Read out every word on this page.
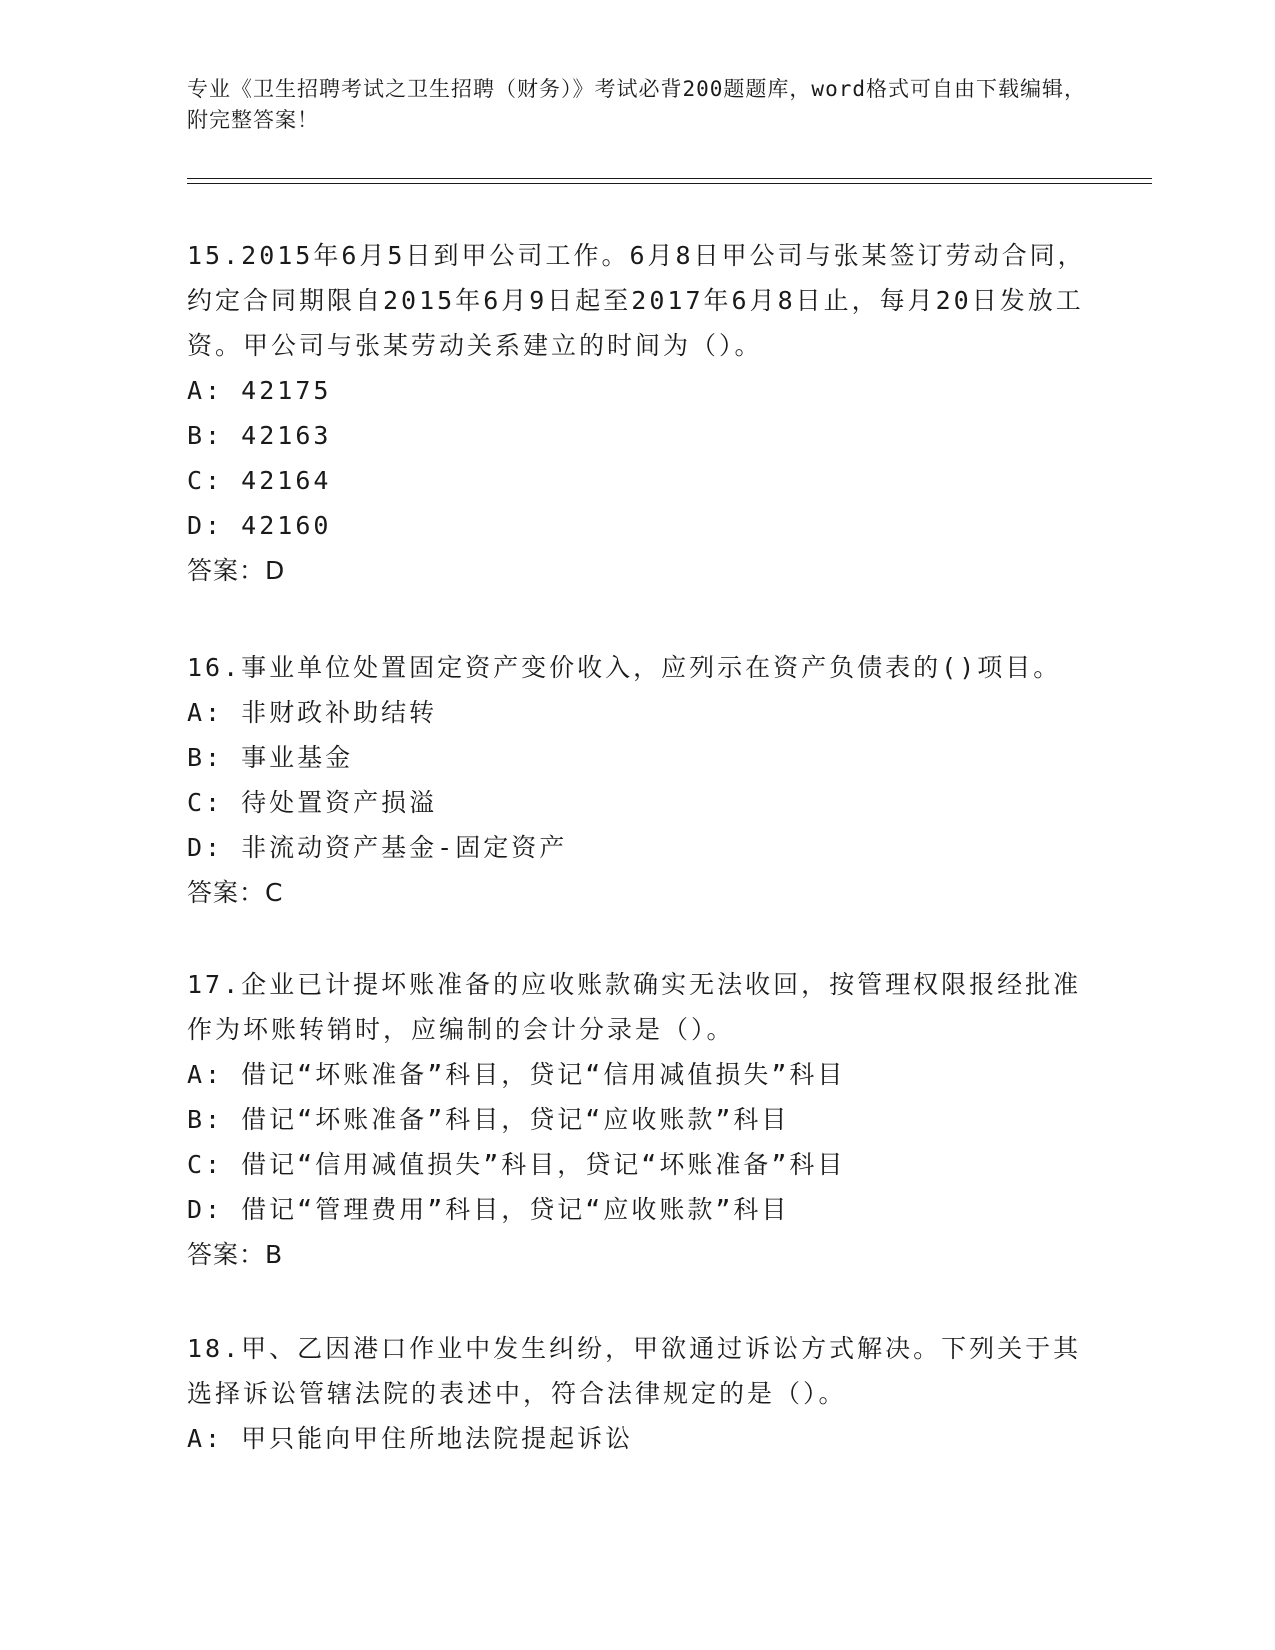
专业《卫生招聘考试之卫生招聘（财务）》考试必背200题题库，word格式可自由下载编辑，附完整答案！
15.2015年6月5日到甲公司工作。6月8日甲公司与张某签订劳动合同，约定合同期限自2015年6月9日起至2017年6月8日止，每月20日发放工资。甲公司与张某劳动关系建立的时间为（）。
A: 42175
B: 42163
C: 42164
D: 42160
答案：D
16.事业单位处置固定资产变价收入，应列示在资产负债表的()项目。
A: 非财政补助结转
B: 事业基金
C: 待处置资产损溢
D: 非流动资产基金-固定资产
答案：C
17.企业已计提坏账准备的应收账款确实无法收回，按管理权限报经批准作为坏账转销时，应编制的会计分录是（）。
A: 借记“坏账准备”科目，贷记“信用减值损失”科目
B: 借记“坏账准备”科目，贷记“应收账款”科目
C: 借记“信用减值损失”科目，贷记“坏账准备”科目
D: 借记“管理费用”科目，贷记“应收账款”科目
答案：B
18.甲、乙因港口作业中发生纠纷，甲欲通过诉讼方式解决。下列关于其选择诉讼管辖法院的表述中，符合法律规定的是（）。
A: 甲只能向甲住所地法院提起诉讼
